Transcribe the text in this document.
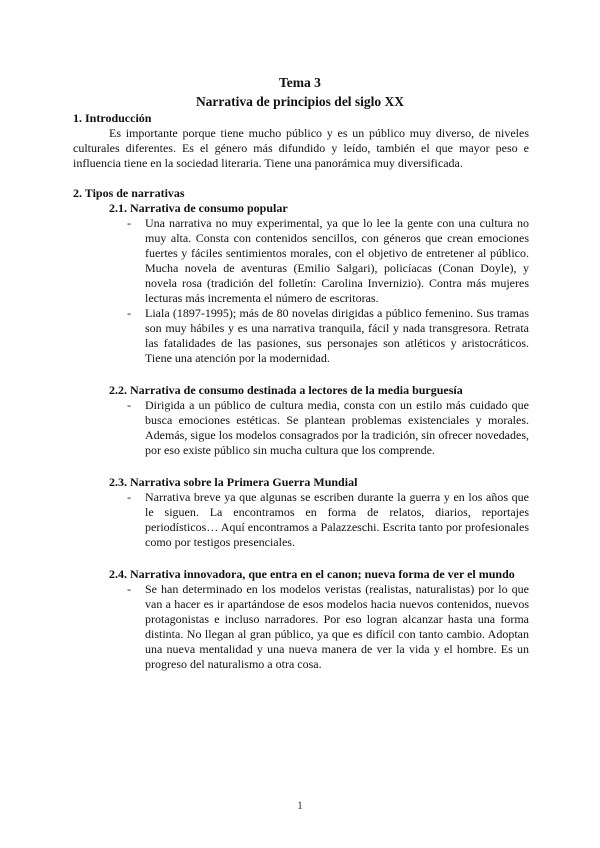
Tema 3
Narrativa de principios del siglo XX
1. Introducción

Es importante porque tiene mucho público y es un público muy diverso, de niveles culturales diferentes. Es el género más difundido y leído, también el que mayor peso e influencia tiene en la sociedad literaria. Tiene una panorámica muy diversificada.

2. Tipos de narrativas
2.1. Narrativa de consumo popular
- Una narrativa no muy experimental, ya que lo lee la gente con una cultura no muy alta. Consta con contenidos sencillos, con géneros que crean emociones fuertes y fáciles sentimientos morales, con el objetivo de entretener al público. Mucha novela de aventuras (Emilio Salgari), policíacas (Conan Doyle), y novela rosa (tradición del folletín: Carolina Invernizio). Contra más mujeres lecturas más incrementa el número de escritoras.
- Liala (1897-1995); más de 80 novelas dirigidas a público femenino. Sus tramas son muy hábiles y es una narrativa tranquila, fácil y nada transgresora. Retrata las fatalidades de las pasiones, sus personajes son atléticos y aristocráticos. Tiene una atención por la modernidad.
2.2. Narrativa de consumo destinada a lectores de la media burguesía
- Dirigida a un público de cultura media, consta con un estilo más cuidado que busca emociones estéticas. Se plantean problemas existenciales y morales. Además, sigue los modelos consagrados por la tradición, sin ofrecer novedades, por eso existe público sin mucha cultura que los comprende.
2.3. Narrativa sobre la Primera Guerra Mundial
- Narrativa breve ya que algunas se escriben durante la guerra y en los años que le siguen. La encontramos en forma de relatos, diarios, reportajes periodísticos… Aquí encontramos a Palazzeschi. Escrita tanto por profesionales como por testigos presenciales.
2.4. Narrativa innovadora, que entra en el canon; nueva forma de ver el mundo
- Se han determinado en los modelos veristas (realistas, naturalistas) por lo que van a hacer es ir apartándose de esos modelos hacia nuevos contenidos, nuevos protagonistas e incluso narradores. Por eso logran alcanzar hasta una forma distinta. No llegan al gran público, ya que es difícil con tanto cambio. Adoptan una nueva mentalidad y una nueva manera de ver la vida y el hombre. Es un progreso del naturalismo a otra cosa.
1
